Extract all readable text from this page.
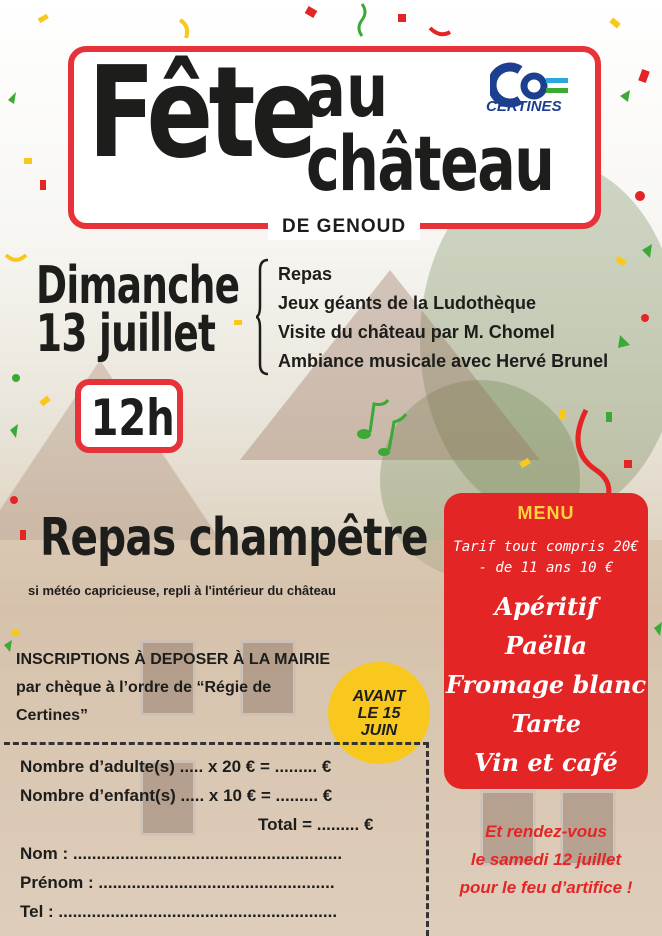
Fête
au
château
DE GENOUD
CERTINES
Dimanche
13 juillet
Repas
Jeux géants de la Ludothèque
Visite du château par M. Chomel
Ambiance musicale avec Hervé Brunel
12h
Repas champêtre
si météo capricieuse, repli à l'intérieur du château
MENU
Tarif tout compris 20€
- de 11 ans 10 €
Apéritif
Paëlla
Fromage blanc
Tarte
Vin et café
INSCRIPTIONS À DEPOSER À LA MAIRIE
par chèque à l’ordre de “Régie de
Certines”
AVANT
LE 15
JUIN
Nombre d’adulte(s) ..... x 20 € = ......... €
Nombre d’enfant(s) ..... x 10 € = ......... €
Total = ......... €
Nom : .........................................................
Prénom : ..................................................
Tel : ...........................................................
Et rendez-vous
le samedi 12 juillet
pour le feu d’artifice !
